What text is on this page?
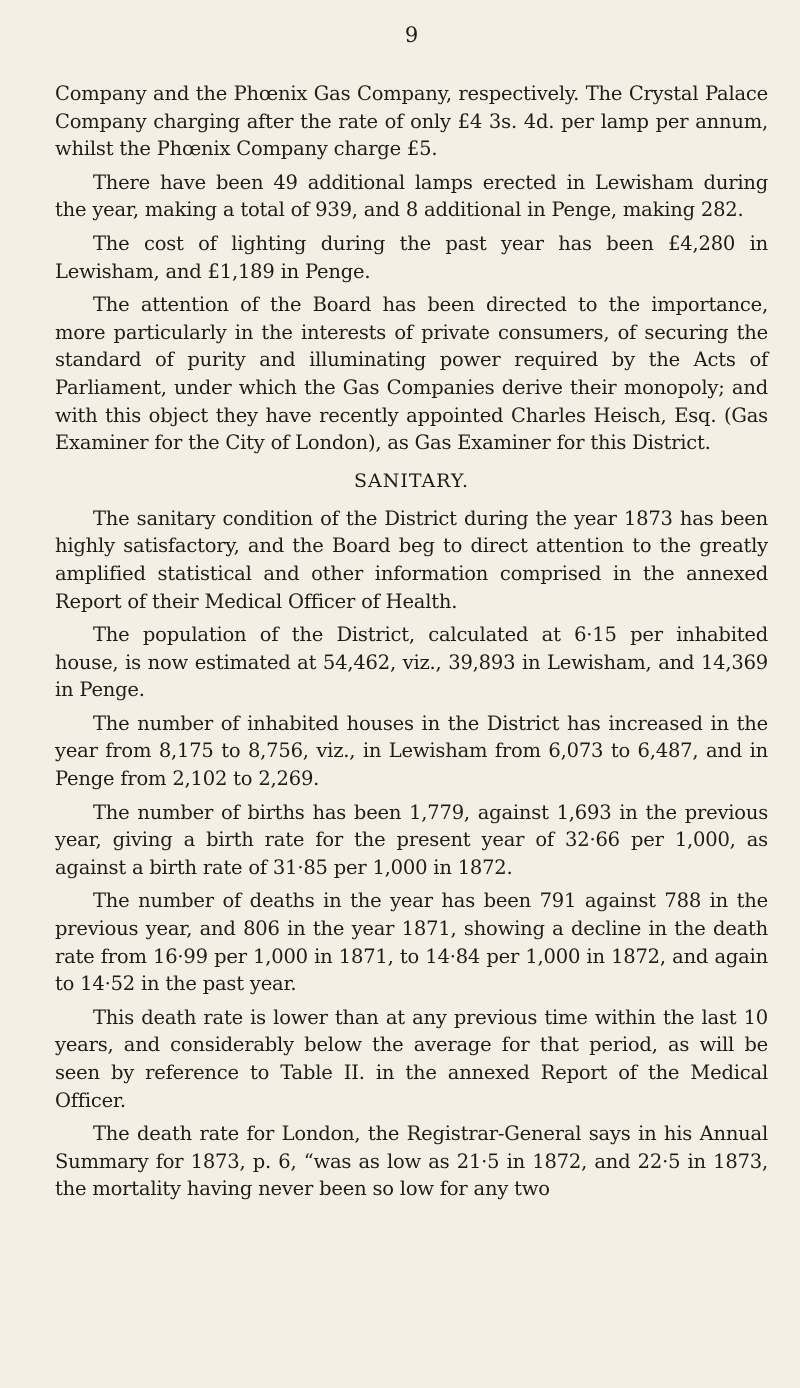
9

Company and the Phœnix Gas Company, respectively. The Crystal Palace Company charging after the rate of only £4 3s. 4d. per lamp per annum, whilst the Phœnix Company charge £5.

There have been 49 additional lamps erected in Lewisham during the year, making a total of 939, and 8 additional in Penge, making 282.

The cost of lighting during the past year has been £4,280 in Lewisham, and £1,189 in Penge.

The attention of the Board has been directed to the importance, more particularly in the interests of private consumers, of securing the standard of purity and illuminating power required by the Acts of Parliament, under which the Gas Companies derive their monopoly; and with this object they have recently appointed Charles Heisch, Esq. (Gas Examiner for the City of London), as Gas Examiner for this District.

SANITARY.

The sanitary condition of the District during the year 1873 has been highly satisfactory, and the Board beg to direct attention to the greatly amplified statistical and other information comprised in the annexed Report of their Medical Officer of Health.

The population of the District, calculated at 6·15 per inhabited house, is now estimated at 54,462, viz., 39,893 in Lewisham, and 14,369 in Penge.

The number of inhabited houses in the District has increased in the year from 8,175 to 8,756, viz., in Lewisham from 6,073 to 6,487, and in Penge from 2,102 to 2,269.

The number of births has been 1,779, against 1,693 in the previous year, giving a birth rate for the present year of 32·66 per 1,000, as against a birth rate of 31·85 per 1,000 in 1872.

The number of deaths in the year has been 791 against 788 in the previous year, and 806 in the year 1871, showing a decline in the death rate from 16·99 per 1,000 in 1871, to 14·84 per 1,000 in 1872, and again to 14·52 in the past year.

This death rate is lower than at any previous time within the last 10 years, and considerably below the average for that period, as will be seen by reference to Table II. in the annexed Report of the Medical Officer.

The death rate for London, the Registrar-General says in his Annual Summary for 1873, p. 6, “was as low as 21·5 in 1872, and 22·5 in 1873, the mortality having never been so low for any two
